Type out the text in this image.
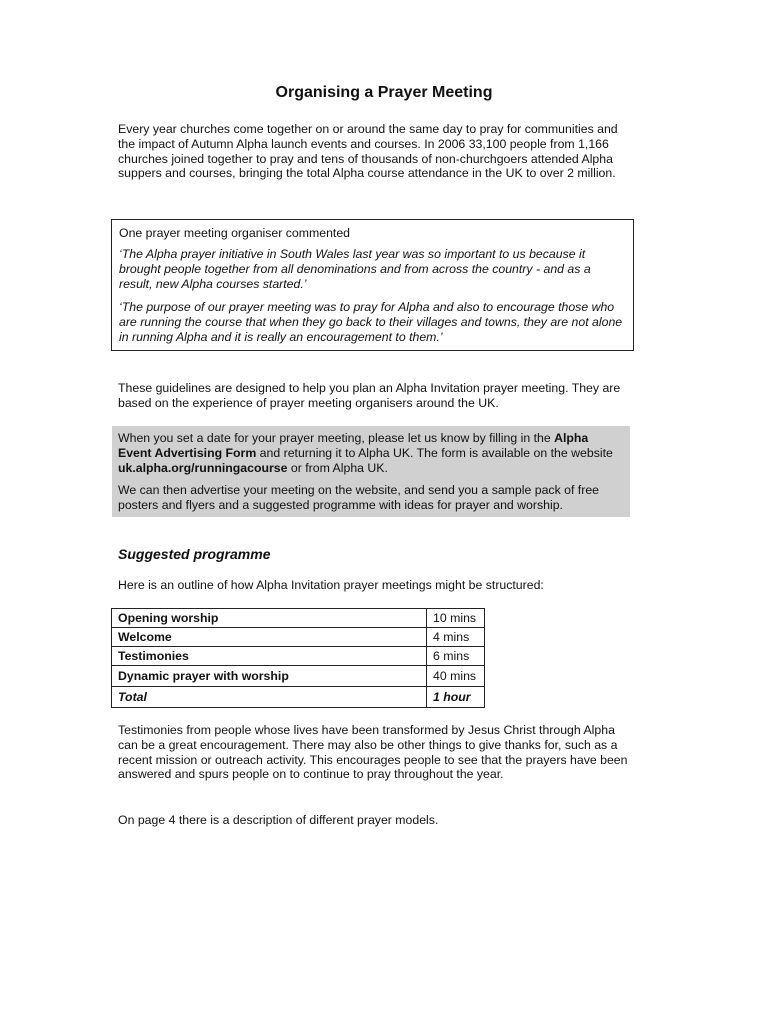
Organising a Prayer Meeting

Every year churches come together on or around the same day to pray for communities and the impact of Autumn Alpha launch events and courses. In 2006 33,100 people from 1,166 churches joined together to pray and tens of thousands of non-churchgoers attended Alpha suppers and courses, bringing the total Alpha course attendance in the UK to over 2 million.

One prayer meeting organiser commented
‘The Alpha prayer initiative in South Wales last year was so important to us because it brought people together from all denominations and from across the country - and as a result, new Alpha courses started.’
‘The purpose of our prayer meeting was to pray for Alpha and also to encourage those who are running the course that when they go back to their villages and towns, they are not alone in running Alpha and it is really an encouragement to them.’

These guidelines are designed to help you plan an Alpha Invitation prayer meeting. They are based on the experience of prayer meeting organisers around the UK.

When you set a date for your prayer meeting, please let us know by filling in the Alpha Event Advertising Form and returning it to Alpha UK. The form is available on the website uk.alpha.org/runningacourse or from Alpha UK.
We can then advertise your meeting on the website, and send you a sample pack of free posters and flyers and a suggested programme with ideas for prayer and worship.
Suggested programme

Here is an outline of how Alpha Invitation prayer meetings might be structured:

Opening worship	10 mins
Welcome	4 mins
Testimonies	6 mins
Dynamic prayer with worship	40 mins
Total	1 hour

Testimonies from people whose lives have been transformed by Jesus Christ through Alpha can be a great encouragement. There may also be other things to give thanks for, such as a recent mission or outreach activity. This encourages people to see that the prayers have been answered and spurs people on to continue to pray throughout the year.

On page 4 there is a description of different prayer models.
